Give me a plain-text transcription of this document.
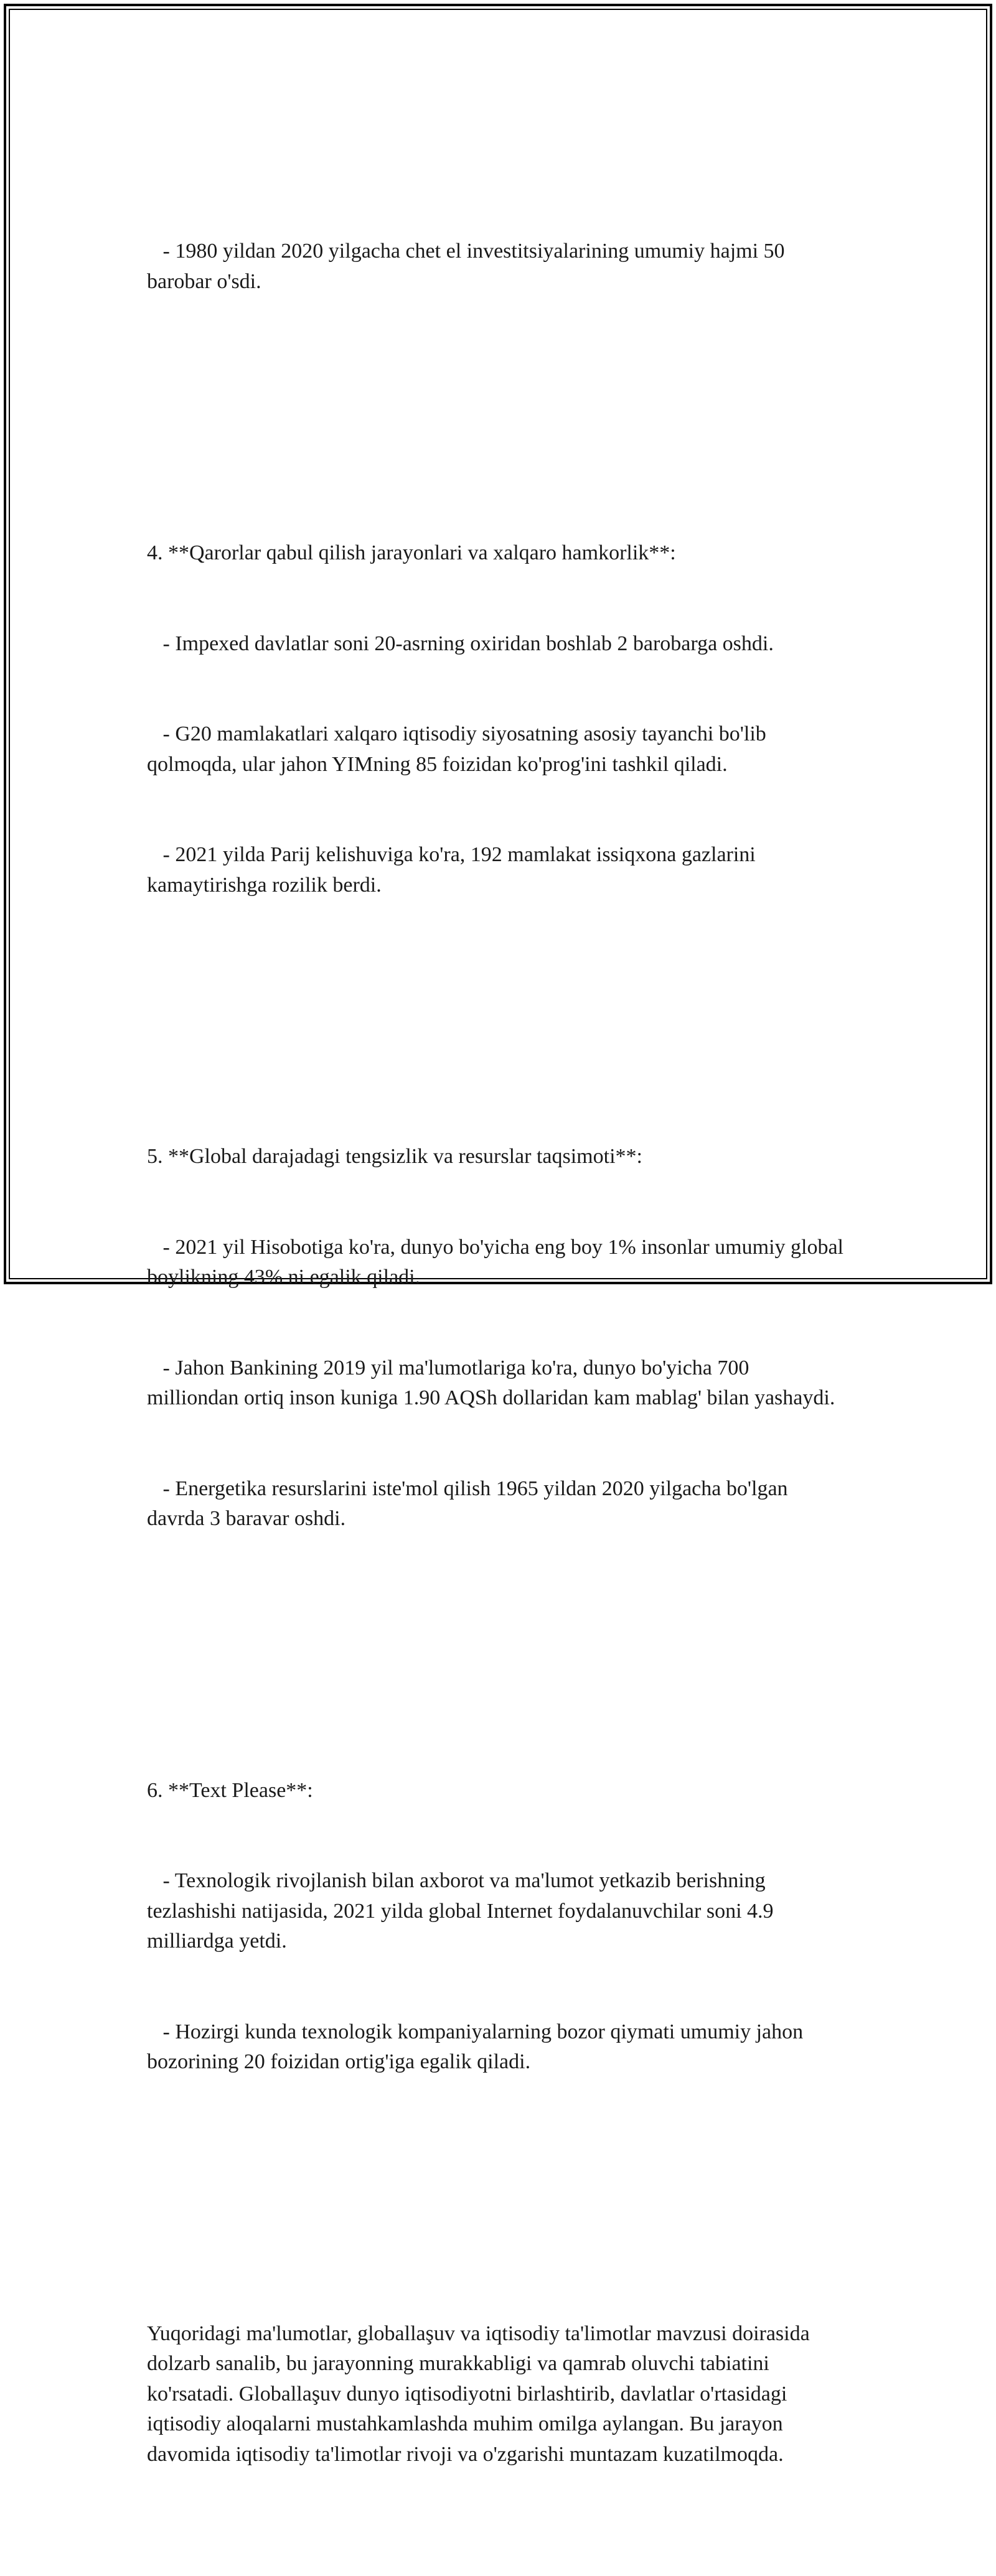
- 1980 yildan 2020 yilgacha chet el investitsiyalarining umumiy hajmi 50 barobar o'sdi.

4. **Qarorlar qabul qilish jarayonlari va xalqaro hamkorlik**:

- Impexed davlatlar soni 20-asrning oxiridan boshlab 2 barobarga oshdi.

- G20 mamlakatlari xalqaro iqtisodiy siyosatning asosiy tayanchi bo'lib qolmoqda, ular jahon YIMning 85 foizidan ko'prog'ini tashkil qiladi.

- 2021 yilda Parij kelishuviga ko'ra, 192 mamlakat issiqxona gazlarini kamaytirishga rozilik berdi.

5. **Global darajadagi tengsizlik va resurslar taqsimoti**:

- 2021 yil Hisobotiga ko'ra, dunyo bo'yicha eng boy 1% insonlar umumiy global boylikning 43% ni egalik qiladi.

- Jahon Bankining 2019 yil ma'lumotlariga ko'ra, dunyo bo'yicha 700 milliondan ortiq inson kuniga 1.90 AQSh dollaridan kam mablag' bilan yashaydi.

- Energetika resurslarini iste'mol qilish 1965 yildan 2020 yilgacha bo'lgan davrda 3 baravar oshdi.

6. **Text Please**:

- Texnologik rivojlanish bilan axborot va ma'lumot yetkazib berishning tezlashishi natijasida, 2021 yilda global Internet foydalanuvchilar soni 4.9 milliardga yetdi.

- Hozirgi kunda texnologik kompaniyalarning bozor qiymati umumiy jahon bozorining 20 foizidan ortig'iga egalik qiladi.

Yuqoridagi ma'lumotlar, globallaşuv va iqtisodiy ta'limotlar mavzusi doirasida dolzarb sanalib, bu jarayonning murakkabligi va qamrab oluvchi tabiatini ko'rsatadi. Globallaşuv dunyo iqtisodiyotni birlashtirib, davlatlar o'rtasidagi iqtisodiy aloqalarni mustahkamlashda muhim omilga aylangan. Bu jarayon davomida iqtisodiy ta'limotlar rivoji va o'zgarishi muntazam kuzatilmoqda.
